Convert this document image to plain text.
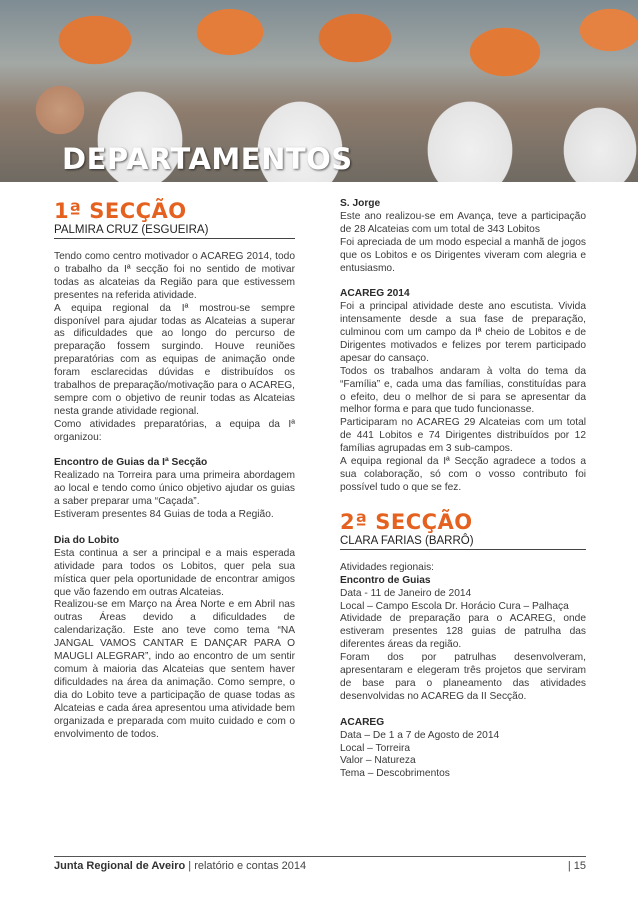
DEPARTAMENTOS
1ª SECÇÃO
PALMIRA CRUZ (ESGUEIRA)

Tendo como centro motivador o ACAREG 2014, todo o trabalho da Iª secção foi no sentido de motivar todas as alcateias da Região para que estivessem presentes na referida atividade.

A equipa regional da Iª mostrou-se sempre disponível para ajudar todas as Alcateias a superar as dificuldades que ao longo do percurso de preparação fossem surgindo. Houve reuniões preparatórias com as equipas de animação onde foram esclarecidas dúvidas e distribuídos os trabalhos de preparação/motivação para o ACAREG, sempre com o objetivo de reunir todas as Alcateias nesta grande atividade regional.

Como atividades preparatórias, a equipa da Iª organizou:

Encontro de Guias da Iª Secção

Realizado na Torreira para uma primeira abordagem ao local e tendo como único objetivo ajudar os guias a saber preparar uma “Caçada”.

Estiveram presentes 84 Guias de toda a Região.

Dia do Lobito

Esta continua a ser a principal e a mais esperada atividade para todos os Lobitos, quer pela sua mística quer pela oportunidade de encontrar amigos que vão fazendo em outras Alcateias.

Realizou-se em Março na Área Norte e em Abril nas outras Áreas devido a dificuldades de calendarização. Este ano teve como tema “NA JANGAL VAMOS CANTAR E DANÇAR PARA O MAUGLI ALEGRAR”, indo ao encontro de um sentir comum à maioria das Alcateias que sentem haver dificuldades na área da animação. Como sempre, o dia do Lobito teve a participação de quase todas as Alcateias e cada área apresentou uma atividade bem organizada e preparada com muito cuidado e com o envolvimento de todos.

S. Jorge

Este ano realizou-se em Avança, teve a participação de 28 Alcateias com um total de 343 Lobitos

Foi apreciada de um modo especial a manhã de jogos que os Lobitos e os Dirigentes viveram com alegria e entusiasmo.

ACAREG 2014

Foi a principal atividade deste ano escutista. Vivida intensamente desde a sua fase de preparação, culminou com um campo da Iª cheio de Lobitos e de Dirigentes motivados e felizes por terem participado apesar do cansaço.

Todos os trabalhos andaram à volta do tema da “Família” e, cada uma das famílias, constituídas para o efeito, deu o melhor de si para se apresentar da melhor forma e para que tudo funcionasse.

Participaram no ACAREG 29 Alcateias com um total de 441 Lobitos e 74 Dirigentes distribuídos por 12 famílias agrupadas em 3 sub-campos.

A equipa regional da Iª Secção agradece a todos a sua colaboração, só com o vosso contributo foi possível tudo o que se fez.

2ª SECÇÃO
CLARA FARIAS (BARRÔ)

Atividades regionais:

Encontro de Guias

Data - 11 de Janeiro de 2014

Local – Campo Escola Dr. Horácio Cura – Palhaça

Atividade de preparação para o ACAREG, onde estiveram presentes 128 guias de patrulha das diferentes áreas da região.

Foram dos por patrulhas desenvolveram, apresentaram e elegeram três projetos que serviram de base para o planeamento das atividades desenvolvidas no ACAREG da II Secção.

ACAREG

Data – De 1 a 7 de Agosto de 2014

Local – Torreira

Valor – Natureza

Tema – Descobrimentos

Junta Regional de Aveiro | relatório e contas 2014	| 15
